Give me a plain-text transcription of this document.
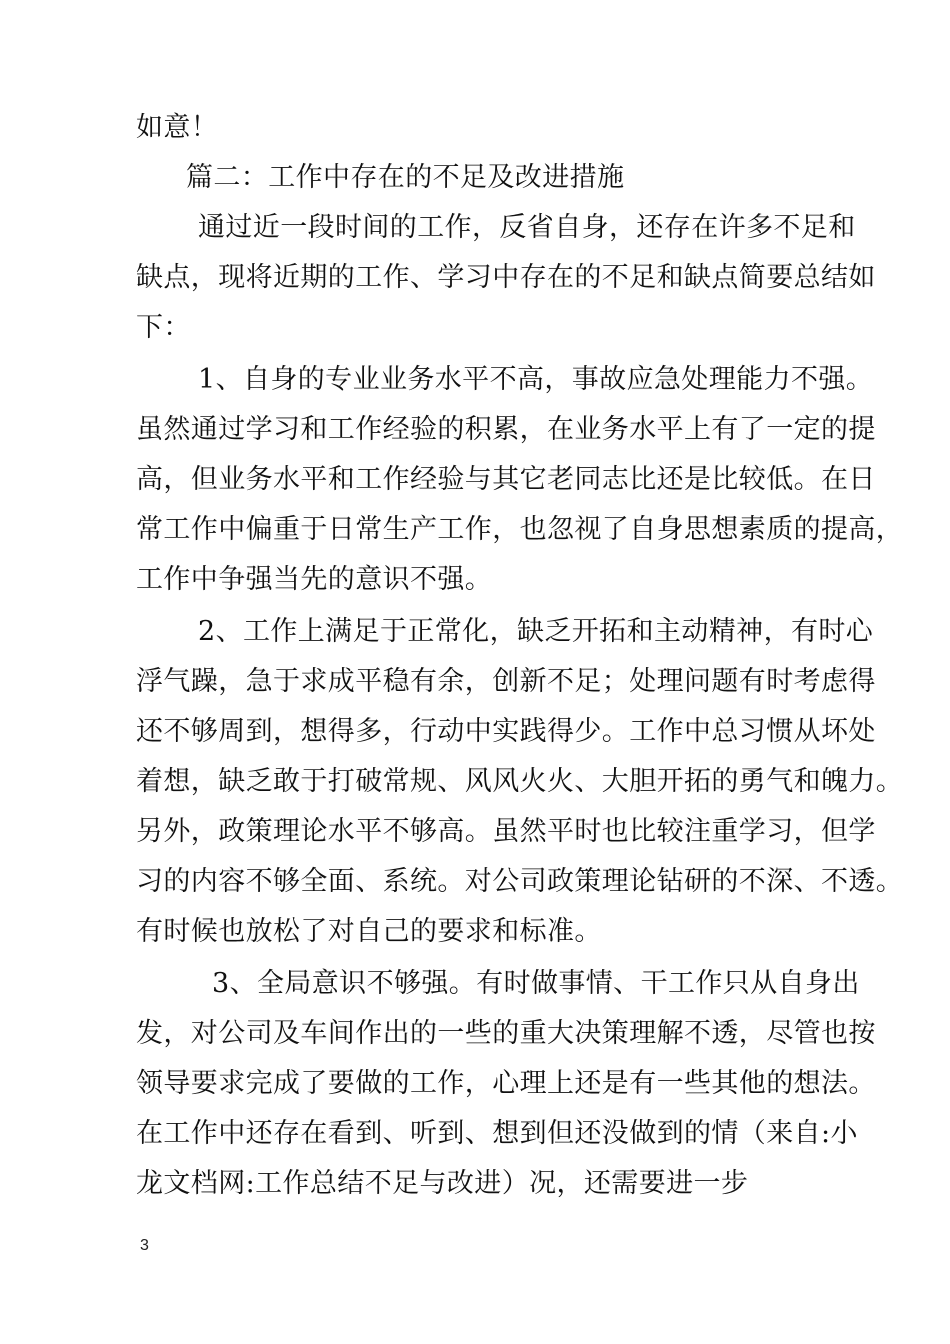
如意！
篇二：工作中存在的不足及改进措施
通过近一段时间的工作，反省自身，还存在许多不足和
缺点，现将近期的工作、学习中存在的不足和缺点简要总结如
下：
1、自身的专业业务水平不高，事故应急处理能力不强。
虽然通过学习和工作经验的积累，在业务水平上有了一定的提
高，但业务水平和工作经验与其它老同志比还是比较低。在日
常工作中偏重于日常生产工作，也忽视了自身思想素质的提高，
工作中争强当先的意识不强。
2、工作上满足于正常化，缺乏开拓和主动精神，有时心
浮气躁，急于求成平稳有余，创新不足；处理问题有时考虑得
还不够周到，想得多，行动中实践得少。工作中总习惯从坏处
着想，缺乏敢于打破常规、风风火火、大胆开拓的勇气和魄力。
另外，政策理论水平不够高。虽然平时也比较注重学习，但学
习的内容不够全面、系统。对公司政策理论钻研的不深、不透。
有时候也放松了对自己的要求和标准。
3、全局意识不够强。有时做事情、干工作只从自身出
发，对公司及车间作出的一些的重大决策理解不透，尽管也按
领导要求完成了要做的工作，心理上还是有一些其他的想法。
在工作中还存在看到、听到、想到但还没做到的情（来自:小
龙文档网:工作总结不足与改进）况，还需要进一步
3
